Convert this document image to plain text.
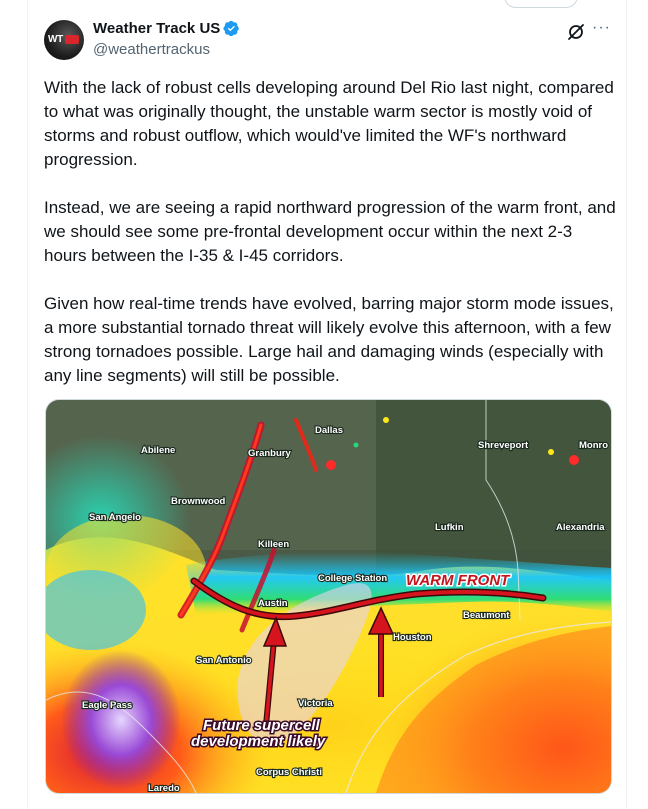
WT
Weather Track US
@weathertrackus
···
With the lack of robust cells developing around Del Rio last night, compared to what was originally thought, the unstable warm sector is mostly void of storms and robust outflow, which would've limited the WF's northward progression.

Instead, we are seeing a rapid northward progression of the warm front, and we should see some pre-frontal development occur within the next 2-3 hours between the I-35 & I-45 corridors.

Given how real-time trends have evolved, barring major storm mode issues, a more substantial tornado threat will likely evolve this afternoon, with a few strong tornadoes possible. Large hail and damaging winds (especially with any line segments) will still be possible.
Dallas
Abilene	Granbury
Shreveport	Monro
Brownwood
San Angelo
Killeen
Lufkin	Alexandria
College Station
Austin
Beaumont
Houston
San Antonio
Eagle Pass	Victoria
Corpus Christi
Laredo
WARM FRONT
Future supercell
development likely
